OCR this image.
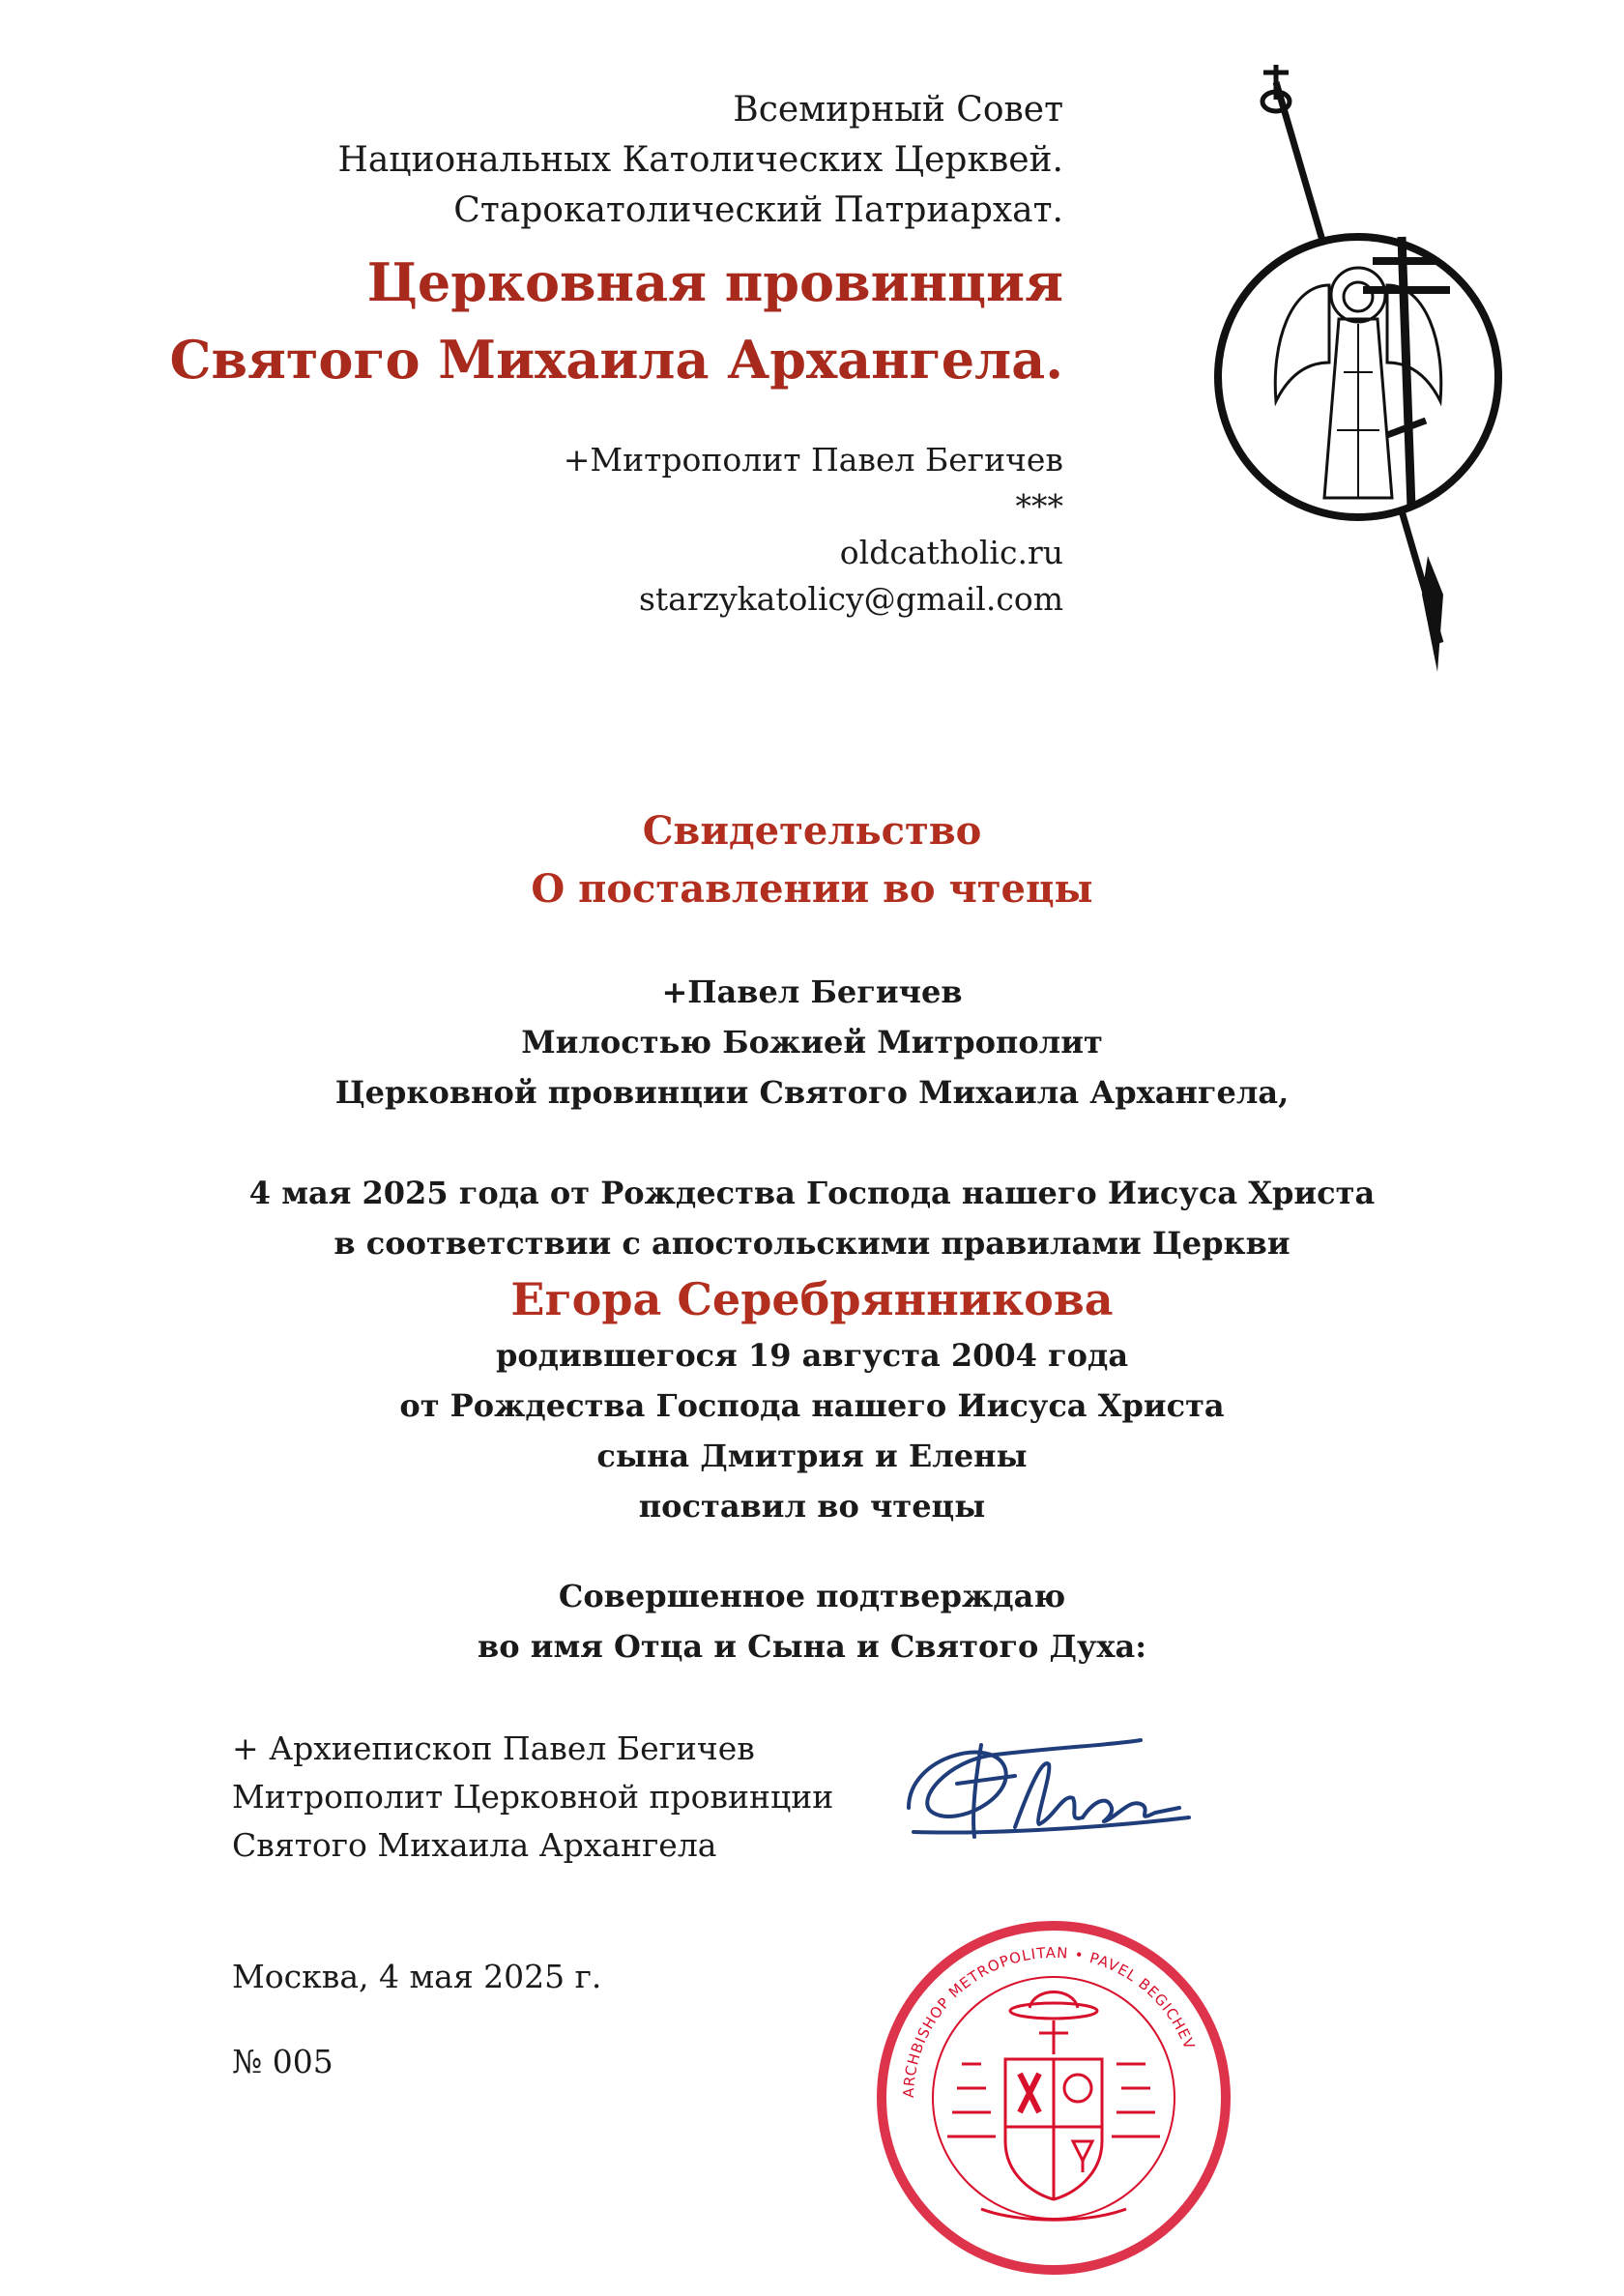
Всемирный Совет
Национальных Католических Церквей.
Старокатолический Патриархат.
Церковная провинция
Святого Михаила Архангела.
+Митрополит Павел Бегичев
***
oldcatholic.ru
starzykatolicy@gmail.com
Свидетельство
О поставлении во чтецы
+Павел Бегичев
Милостью Божией Митрополит
Церковной провинции Святого Михаила Архангела,
4 мая 2025 года от Рождества Господа нашего Иисуса Христа
в соответствии с апостольскими правилами Церкви
Егора Серебрянникова
родившегося 19 августа 2004 года
от Рождества Господа нашего Иисуса Христа
сына Дмитрия и Елены
поставил во чтецы
Совершенное подтверждаю
во имя Отца и Сына и Святого Духа:
+ Архиепископ Павел Бегичев
Митрополит Церковной провинции
Святого Михаила Архангела
Москва, 4 мая 2025 г.
№ 005
ARCHBISHOP METROPOLITAN • PAVEL BEGICHEV
